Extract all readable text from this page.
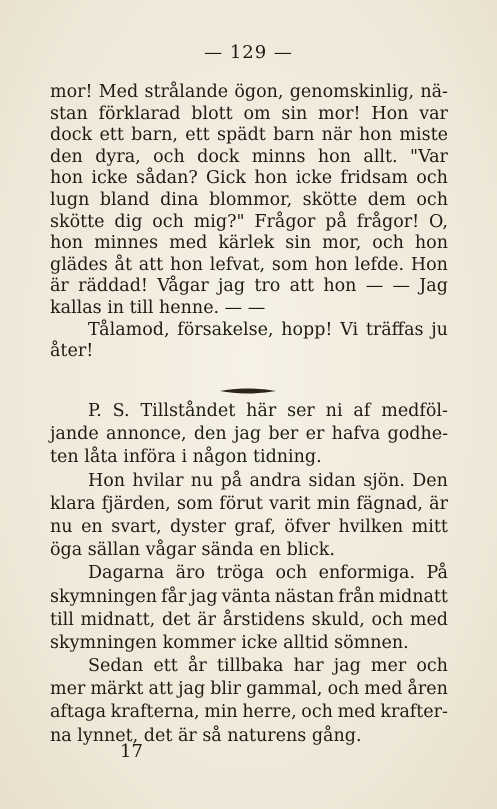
— 129 —
mor! Med strålande ögon, genomskinlig, nä-
stan förklarad blott om sin mor! Hon var
dock ett barn, ett spädt barn när hon miste
den dyra, och dock minns hon allt. "Var
hon icke sådan? Gick hon icke fridsam och
lugn bland dina blommor, skötte dem och
skötte dig och mig?" Frågor på frågor! O,
hon minnes med kärlek sin mor, och hon
glädes åt att hon lefvat, som hon lefde. Hon
är räddad! Vågar jag tro att hon — — Jag
kallas in till henne. — —
Tålamod, försakelse, hopp! Vi träffas ju
åter!
P. S. Tillståndet här ser ni af medföl-
jande annonce, den jag ber er hafva godhe-
ten låta införa i någon tidning.
Hon hvilar nu på andra sidan sjön. Den
klara fjärden, som förut varit min fägnad, är
nu en svart, dyster graf, öfver hvilken mitt
öga sällan vågar sända en blick.
Dagarna äro tröga och enformiga. På
skymningen får jag vänta nästan från midnatt
till midnatt, det är årstidens skuld, och med
skymningen kommer icke alltid sömnen.
Sedan ett år tillbaka har jag mer och
mer märkt att jag blir gammal, och med åren
aftaga krafterna, min herre, och med krafter-
na lynnet, det är så naturens gång.
17
